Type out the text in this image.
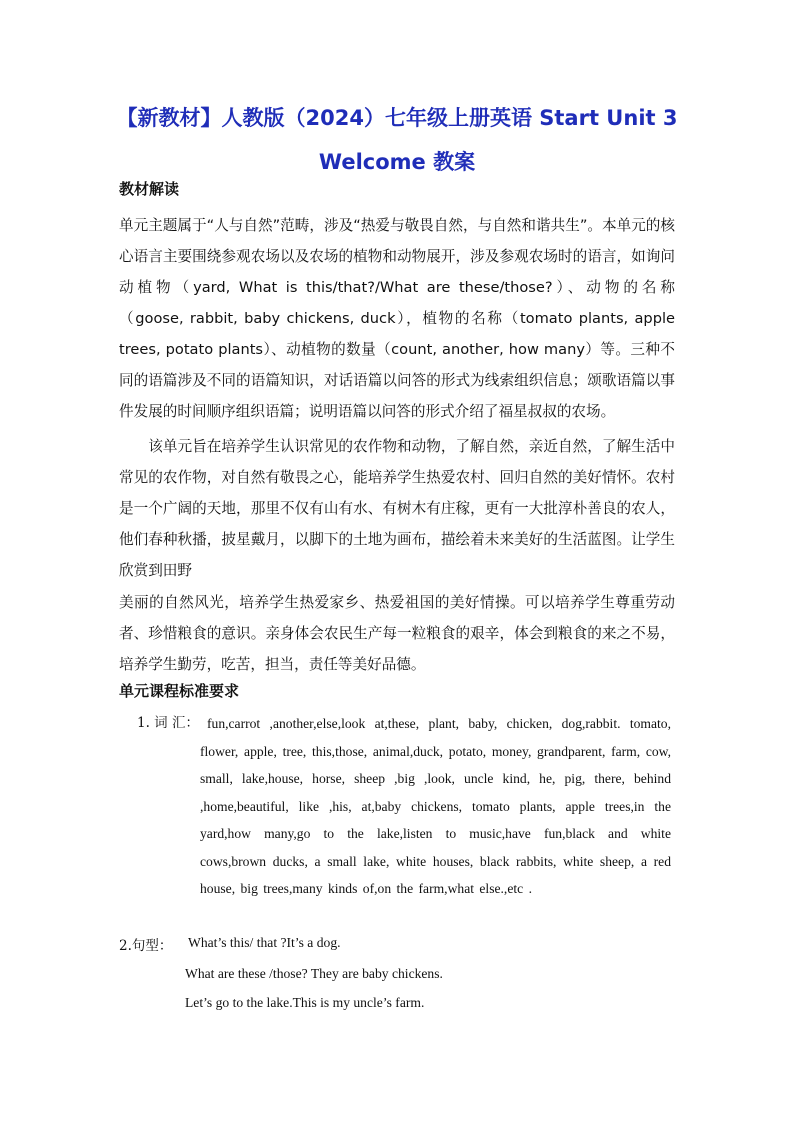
【新教材】人教版（2024）七年级上册英语 Start Unit 3
Welcome 教案
教材解读

单元主题属于“人与自然”范畴，涉及“热爱与敬畏自然，与自然和谐共生”。本单元的核心语言主要围绕参观农场以及农场的植物和动物展开，涉及参观农场时的语言，如询问动植物（yard, What is this/that?/What are these/those?）、动物的名称（goose, rabbit, baby chickens, duck），植物的名称（tomato plants, apple trees, potato plants）、动植物的数量（count, another, how many）等。三种不同的语篇涉及不同的语篇知识，对话语篇以问答的形式为线索组织信息；颂歌语篇以事件发展的时间顺序组织语篇；说明语篇以问答的形式介绍了福星叔叔的农场。

该单元旨在培养学生认识常见的农作物和动物，了解自然，亲近自然，了解生活中常见的农作物，对自然有敬畏之心，能培养学生热爱农村、回归自然的美好情怀。农村是一个广阔的天地，那里不仅有山有水、有树木有庄稼，更有一大批淳朴善良的农人，他们春种秋播，披星戴月，以脚下的土地为画布，描绘着未来美好的生活蓝图。让学生欣赏到田野

美丽的自然风光，培养学生热爱家乡、热爱祖国的美好情操。可以培养学生尊重劳动者、珍惜粮食的意识。亲身体会农民生产每一粒粮食的艰辛，体会到粮食的来之不易，培养学生勤劳，吃苦，担当，责任等美好品德。

单元课程标准要求
1. 词 汇： fun,carrot ,another,else,look at,these, plant, baby, chicken, dog,rabbit. tomato, flower, apple, tree, this,those, animal,duck, potato, money, grandparent, farm, cow, small, lake,house, horse, sheep ,big ,look, uncle kind, he, pig, there, behind ,home,beautiful, like ,his, at,baby chickens, tomato plants, apple trees,in the yard,how many,go to the lake,listen to music,have fun,black and white cows,brown ducks, a small lake, white houses, black rabbits, white sheep, a red house, big trees,many kinds of,on the farm,what else.,etc .

2.句型： What’s this/ that ?It’s a dog.
What are these /those? They are baby chickens.
Let’s go to the lake.This is my uncle’s farm.
